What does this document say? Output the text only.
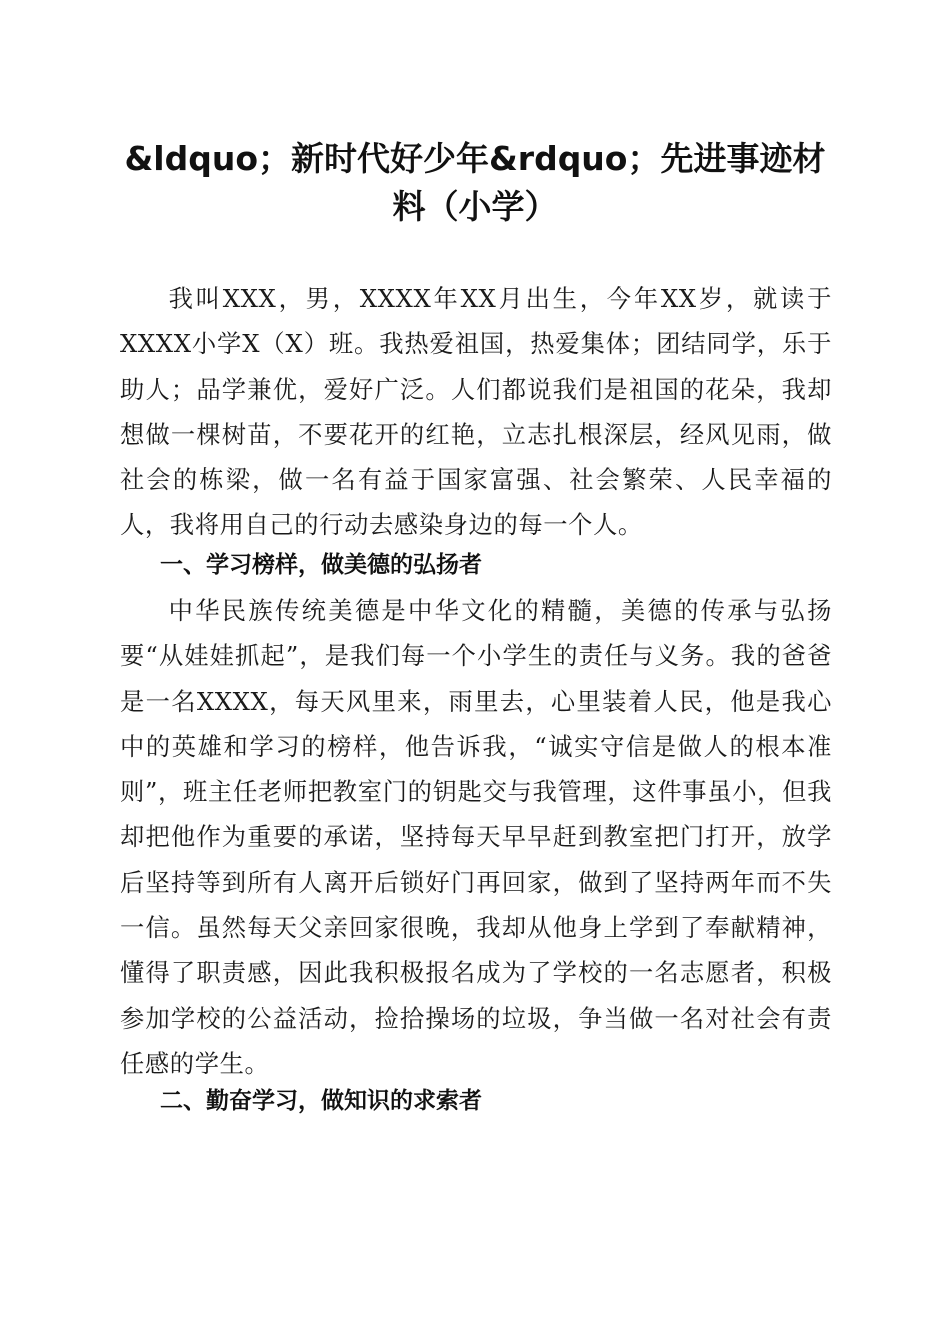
&ldquo；新时代好少年&rdquo；先进事迹材料（小学）

我叫XXX，男，XXXX年XX月出生，今年XX岁，就读于XXXX小学X（X）班。我热爱祖国，热爱集体；团结同学，乐于助人；品学兼优，爱好广泛。人们都说我们是祖国的花朵，我却想做一棵树苗，不要花开的红艳，立志扎根深层，经风见雨，做社会的栋梁，做一名有益于国家富强、社会繁荣、人民幸福的人，我将用自己的行动去感染身边的每一个人。

一、学习榜样，做美德的弘扬者

中华民族传统美德是中华文化的精髓，美德的传承与弘扬要“从娃娃抓起”，是我们每一个小学生的责任与义务。我的爸爸是一名XXXX，每天风里来，雨里去，心里装着人民，他是我心中的英雄和学习的榜样，他告诉我，“诚实守信是做人的根本准则”，班主任老师把教室门的钥匙交与我管理，这件事虽小，但我却把他作为重要的承诺，坚持每天早早赶到教室把门打开，放学后坚持等到所有人离开后锁好门再回家，做到了坚持两年而不失一信。虽然每天父亲回家很晚，我却从他身上学到了奉献精神，懂得了职责感，因此我积极报名成为了学校的一名志愿者，积极参加学校的公益活动，捡拾操场的垃圾，争当做一名对社会有责任感的学生。

二、勤奋学习，做知识的求索者
